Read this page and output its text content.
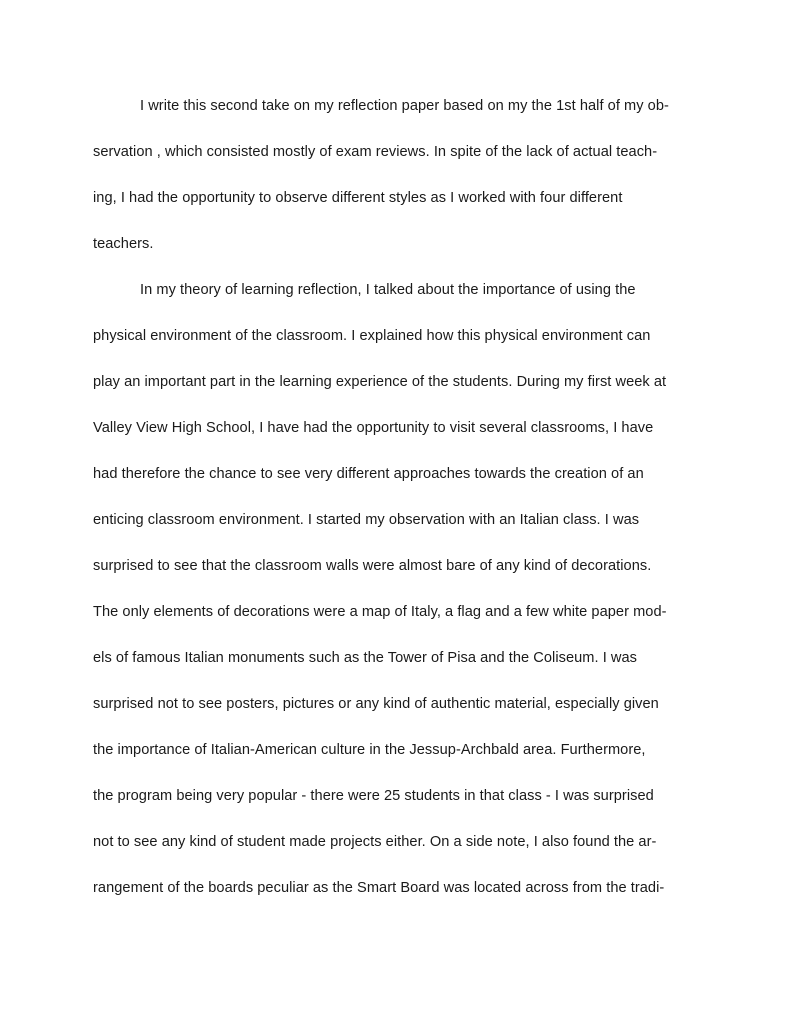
I write this second take on my reflection paper based on my the 1st half of my ob-
servation , which consisted mostly of exam reviews. In spite of the lack of actual teach-
ing, I had the opportunity to observe different styles as I worked with four different
teachers.
In my theory of learning reflection, I talked about the importance of using the
physical environment of the classroom. I explained how this physical environment can
play an important part in the learning experience of the students. During my first week at
Valley View High School, I have had the opportunity to visit several classrooms, I have
had therefore the chance to see very different approaches towards the creation of an
enticing classroom environment. I started my observation with an Italian class. I was
surprised to see that the classroom walls were almost bare of any kind of decorations.
The only elements of decorations were a map of Italy, a flag and a few white paper mod-
els of famous Italian monuments such as the Tower of Pisa and the Coliseum. I was
surprised not to see posters, pictures or any kind of authentic material, especially given
the importance of Italian-American culture in the Jessup-Archbald area. Furthermore,
the program being very popular - there were 25 students in that class - I was surprised
not to see any kind of student made projects either. On a side note, I also found the ar-
rangement of the boards peculiar as the Smart Board was located across from the tradi-
